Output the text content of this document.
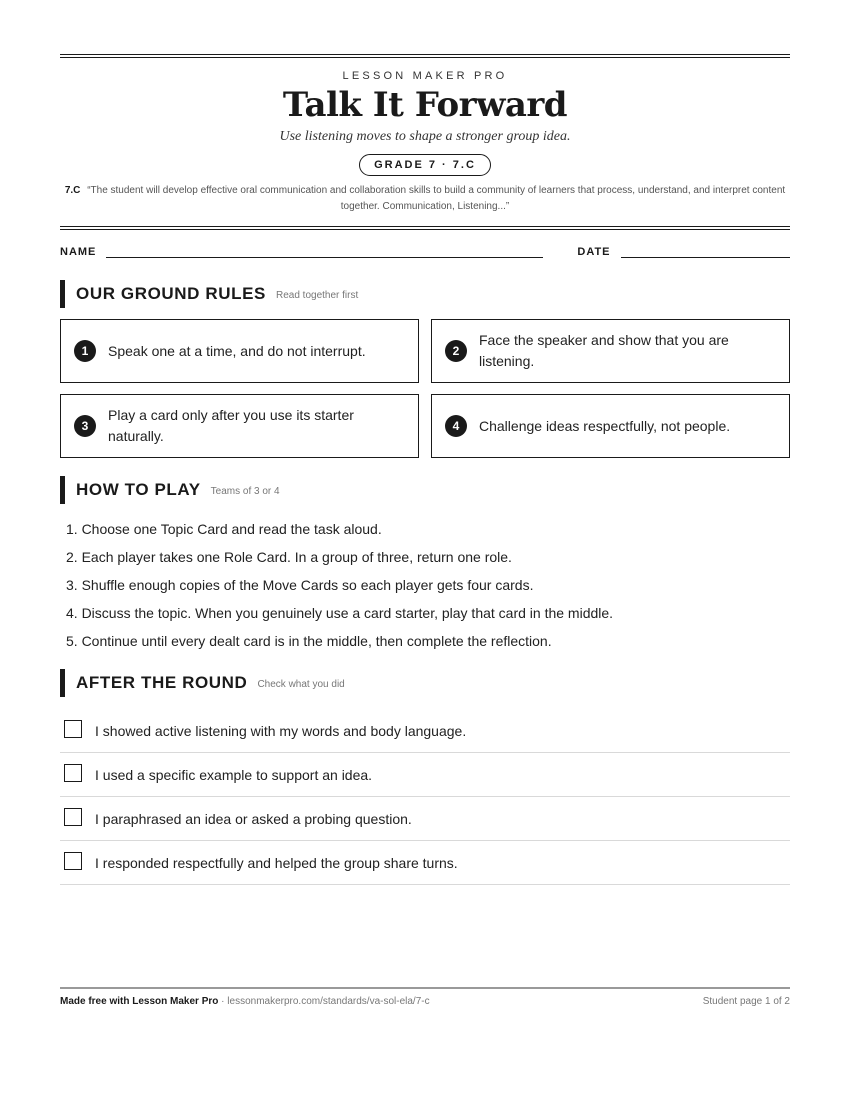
LESSON MAKER PRO
Talk It Forward
Use listening moves to shape a stronger group idea.
GRADE 7 · 7.C
7.C “The student will develop effective oral communication and collaboration skills to build a community of learners that process, understand, and interpret content together. Communication, Listening...”
NAME	DATE
OUR GROUND RULES Read together first
1	Speak one at a time, and do not interrupt.	2
Face the speaker and show that you are listening.
3
Play a card only after you use its starter naturally.
4	Challenge ideas respectfully, not people.
HOW TO PLAY Teams of 3 or 4
1. Choose one Topic Card and read the task aloud.
2. Each player takes one Role Card. In a group of three, return one role.
3. Shuffle enough copies of the Move Cards so each player gets four cards.
4. Discuss the topic. When you genuinely use a card starter, play that card in the middle.
5. Continue until every dealt card is in the middle, then complete the reflection.
AFTER THE ROUND Check what you did
I showed active listening with my words and body language.
I used a specific example to support an idea.
I paraphrased an idea or asked a probing question.
I responded respectfully and helped the group share turns.
Made free with Lesson Maker Pro · lessonmakerpro.com/standards/va-sol-ela/7-c	Student page 1 of 2
